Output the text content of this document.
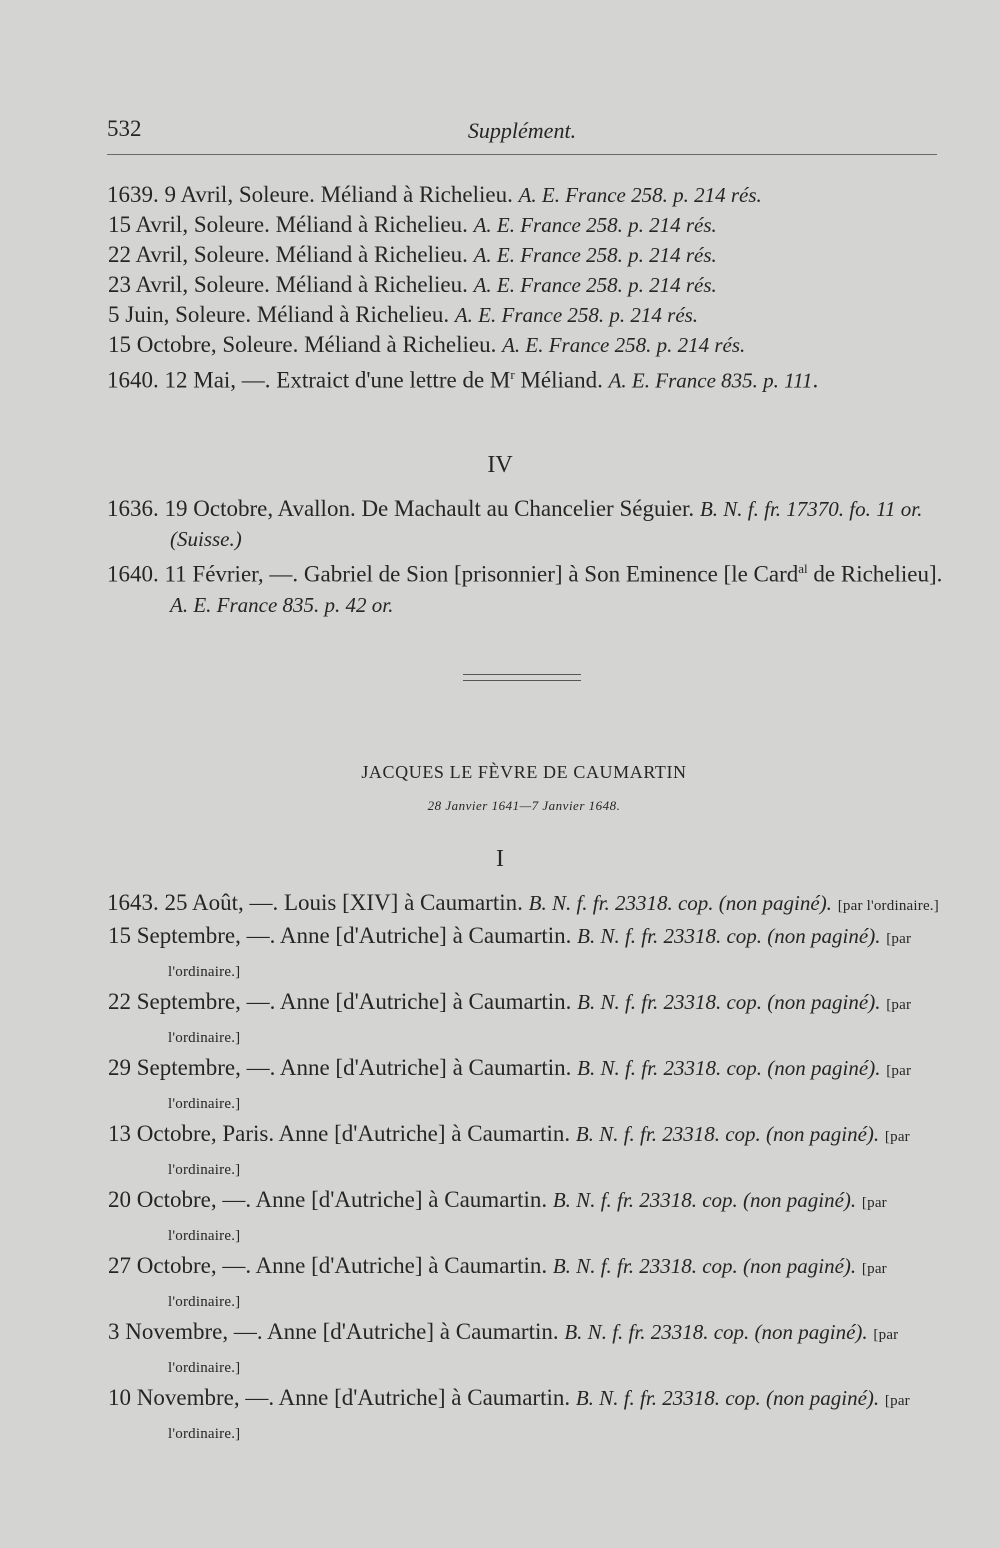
532	Supplément.
1639. 9 Avril, Soleure. Méliand à Richelieu. A. E. France 258. p. 214 rés.
15 Avril, Soleure. Méliand à Richelieu. A. E. France 258. p. 214 rés.
22 Avril, Soleure. Méliand à Richelieu. A. E. France 258. p. 214 rés.
23 Avril, Soleure. Méliand à Richelieu. A. E. France 258. p. 214 rés.
5 Juin, Soleure. Méliand à Richelieu. A. E. France 258. p. 214 rés.
15 Octobre, Soleure. Méliand à Richelieu. A. E. France 258. p. 214 rés.
1640. 12 Mai, —. Extraict d'une lettre de $M^r$ Méliand. A. E. France 835. p. 111.
IV
1636. 19 Octobre, Avallon. De Machault au Chancelier Séguier. B. N. f. fr. 17370. fo. 11 or. (Suisse.)
1640. 11 Février, —. Gabriel de Sion [prisonnier] à Son Eminence [le Card$^{al}$ de Richelieu]. A. E. France 835. p. 42 or.
JACQUES LE FÈVRE DE CAUMARTIN
28 Janvier 1641—7 Janvier 1648.
I
1643. 25 Août, —. Louis [XIV] à Caumartin. B. N. f. fr. 23318. cop. (non paginé). [par l'ordinaire.]
15 Septembre, —. Anne [d'Autriche] à Caumartin. B. N. f. fr. 23318. cop. (non paginé). [par l'ordinaire.]
22 Septembre, —. Anne [d'Autriche] à Caumartin. B. N. f. fr. 23318. cop. (non paginé). [par l'ordinaire.]
29 Septembre, —. Anne [d'Autriche] à Caumartin. B. N. f. fr. 23318. cop. (non paginé). [par l'ordinaire.]
13 Octobre, Paris. Anne [d'Autriche] à Caumartin. B. N. f. fr. 23318. cop. (non paginé). [par l'ordinaire.]
20 Octobre, —. Anne [d'Autriche] à Caumartin. B. N. f. fr. 23318. cop. (non paginé). [par l'ordinaire.]
27 Octobre, —. Anne [d'Autriche] à Caumartin. B. N. f. fr. 23318. cop. (non paginé). [par l'ordinaire.]
3 Novembre, —. Anne [d'Autriche] à Caumartin. B. N. f. fr. 23318. cop. (non paginé). [par l'ordinaire.]
10 Novembre, —. Anne [d'Autriche] à Caumartin. B. N. f. fr. 23318. cop. (non paginé). [par l'ordinaire.]
